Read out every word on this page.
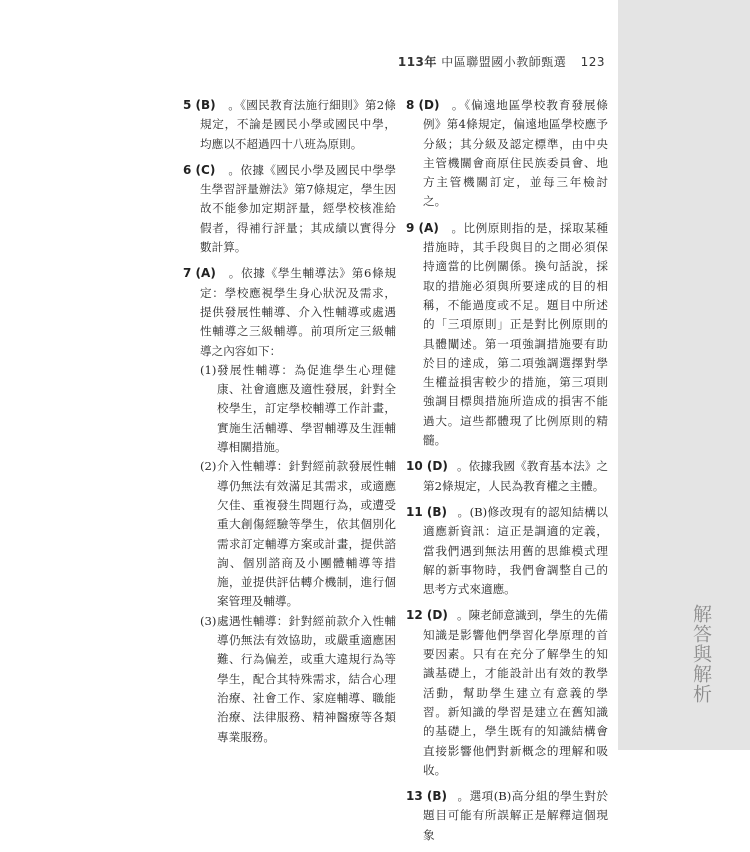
解答與解析
113年 中區聯盟國小教師甄選 123
5 (B) 。《國民教育法施行細則》第2條規定，不論是國民小學或國民中學，均應以不超過四十八班為原則。
6 (C) 。依據《國民小學及國民中學學生學習評量辦法》第7條規定，學生因故不能參加定期評量，經學校核准給假者，得補行評量；其成績以實得分數計算。
7 (A) 。依據《學生輔導法》第6條規定：學校應視學生身心狀況及需求，提供發展性輔導、介入性輔導或處遇性輔導之三級輔導。前項所定三級輔導之內容如下：
(1) 發展性輔導：為促進學生心理健康、社會適應及適性發展，針對全校學生，訂定學校輔導工作計畫，實施生活輔導、學習輔導及生涯輔導相關措施。
(2) 介入性輔導：針對經前款發展性輔導仍無法有效滿足其需求，或適應欠佳、重複發生問題行為，或遭受重大創傷經驗等學生，依其個別化需求訂定輔導方案或計畫，提供諮詢、個別諮商及小團體輔導等措施，並提供評估轉介機制，進行個案管理及輔導。
(3) 處遇性輔導：針對經前款介入性輔導仍無法有效協助，或嚴重適應困難、行為偏差，或重大違規行為等學生，配合其特殊需求，結合心理治療、社會工作、家庭輔導、職能治療、法律服務、精神醫療等各類專業服務。
8 (D) 。《偏遠地區學校教育發展條例》第4條規定，偏遠地區學校應予分級；其分級及認定標準，由中央主管機關會商原住民族委員會、地方主管機關訂定，並每三年檢討之。
9 (A) 。比例原則指的是，採取某種措施時，其手段與目的之間必須保持適當的比例關係。換句話說，採取的措施必須與所要達成的目的相稱，不能過度或不足。題目中所述的「三項原則」正是對比例原則的具體闡述。第一項強調措施要有助於目的達成，第二項強調選擇對學生權益損害較少的措施，第三項則強調目標與措施所造成的損害不能過大。這些都體現了比例原則的精髓。
10 (D) 。依據我國《教育基本法》之第2條規定，人民為教育權之主體。
11 (B) 。(B)修改現有的認知結構以適應新資訊：這正是調適的定義，當我們遇到無法用舊的思維模式理解的新事物時，我們會調整自己的思考方式來適應。
12 (D) 。陳老師意識到，學生的先備知識是影響他們學習化學原理的首要因素。只有在充分了解學生的知識基礎上，才能設計出有效的教學活動，幫助學生建立有意義的學習。新知識的學習是建立在舊知識的基礎上，學生既有的知識結構會直接影響他們對新概念的理解和吸收。
13 (B) 。選項(B)高分組的學生對於題目可能有所誤解正是解釋這個現象
